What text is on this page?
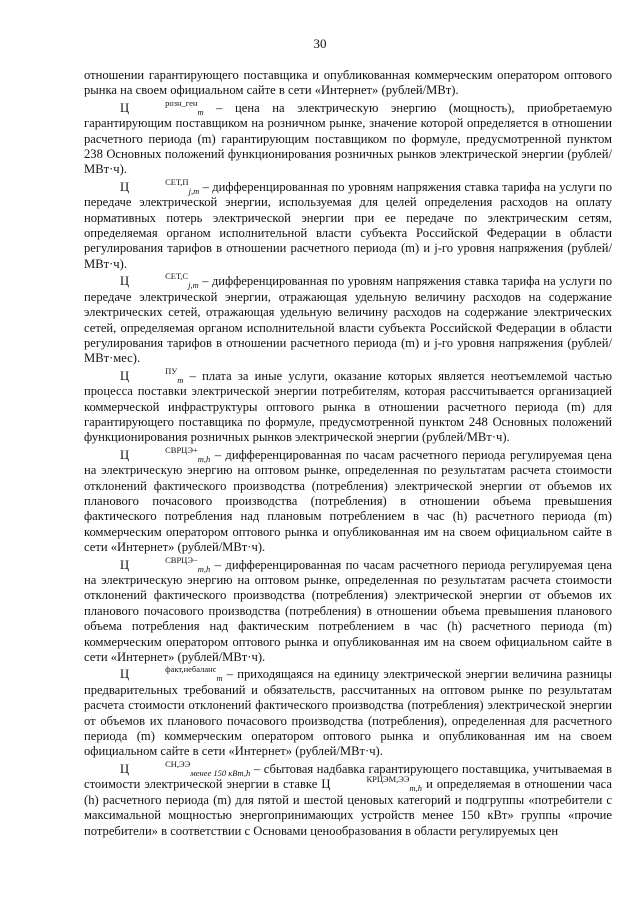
30

отношении гарантирующего поставщика и опубликованная коммерческим оператором оптового рынка на своем официальном сайте в сети «Интернет» (рублей/МВт).

Ц	$^{розн\_ген}_m$ – цена на электрическую энергию (мощность), приобретаемую гарантирующим поставщиком на розничном рынке, значение которой определяется в отношении расчетного периода (m) гарантирующим поставщиком по формуле, предусмотренной пунктом 238 Основных положений функционирования розничных рынков электрической энергии (рублей/МВт·ч).

Ц	$^{СЕТ,П}_{j,m}$ – дифференцированная по уровням напряжения ставка тарифа на услуги по передаче электрической энергии, используемая для целей определения расходов на оплату нормативных потерь электрической энергии при ее передаче по электрическим сетям, определяемая органом исполнительной власти субъекта Российской Федерации в области регулирования тарифов в отношении расчетного периода (m) и j-го уровня напряжения (рублей/МВт·ч).

Ц	$^{СЕТ,С}_{j,m}$ – дифференцированная по уровням напряжения ставка тарифа на услуги по передаче электрической энергии, отражающая удельную величину расходов на содержание электрических сетей, отражающая удельную величину расходов на содержание электрических сетей, определяемая органом исполнительной власти субъекта Российской Федерации в области регулирования тарифов в отношении расчетного периода (m) и j-го уровня напряжения (рублей/МВт·мес).

Ц	$^{ПУ}_m$ – плата за иные услуги, оказание которых является неотъемлемой частью процесса поставки электрической энергии потребителям, которая рассчитывается организацией коммерческой инфраструктуры оптового рынка в отношении расчетного периода (m) для гарантирующего поставщика по формуле, предусмотренной пунктом 248 Основных положений функционирования розничных рынков электрической энергии (рублей/МВт·ч).

Ц	$^{СВРЦЭ+}_{m,h}$ – дифференцированная по часам расчетного периода регулируемая цена на электрическую энергию на оптовом рынке, определенная по результатам расчета стоимости отклонений фактического производства (потребления) электрической энергии от объемов их планового почасового производства (потребления) в отношении объема превышения фактического потребления над плановым потреблением в час (h) расчетного периода (m) коммерческим оператором оптового рынка и опубликованная им на своем официальном сайте в сети «Интернет» (рублей/МВт·ч).

Ц	$^{СВРЦЭ-}_{m,h}$ – дифференцированная по часам расчетного периода регулируемая цена на электрическую энергию на оптовом рынке, определенная по результатам расчета стоимости отклонений фактического производства (потребления) электрической энергии от объемов их планового почасового производства (потребления) в отношении объема превышения планового объема потребления над фактическим потреблением в час (h) расчетного периода (m) коммерческим оператором оптового рынка и опубликованная им на своем официальном сайте в сети «Интернет» (рублей/МВт·ч).

Ц	$^{факт,небаланс}_m$ – приходящаяся на единицу электрической энергии величина разницы предварительных требований и обязательств, рассчитанных на оптовом рынке по результатам расчета стоимости отклонений фактического производства (потребления) электрической энергии от объемов их планового почасового производства (потребления), определенная для расчетного периода (m) коммерческим оператором оптового рынка и опубликованная им на своем официальном сайте в сети «Интернет» (рублей/МВт·ч).

Ц	$^{СН,ЭЭ}_{менее 150 кВт,h}$ – сбытовая надбавка гарантирующего поставщика, учитываемая в стоимости электрической энергии в ставке Ц	$^{КРЦЭМ,ЭЭ}_{m,h}$ и определяемая в отношении часа (h) расчетного периода (m) для пятой и шестой ценовых категорий и подгруппы «потребители с максимальной мощностью энергопринимающих устройств менее 150 кВт» группы «прочие потребители» в соответствии с Основами ценообразования в области регулируемых цен
